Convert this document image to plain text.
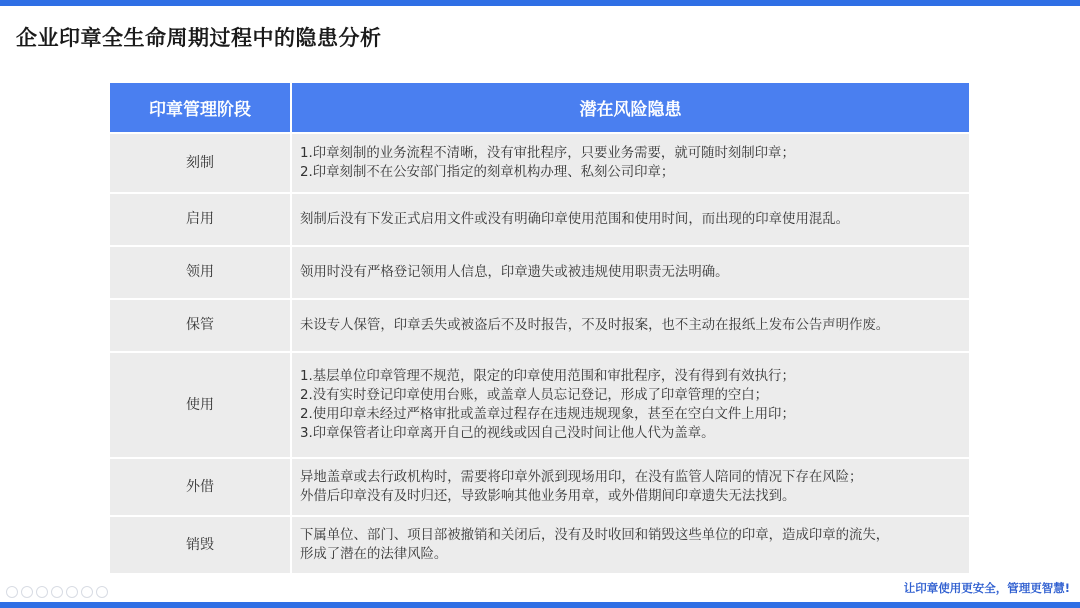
企业印章全生命周期过程中的隐患分析
印章管理阶段	潜在风险隐患
刻制	1.印章刻制的业务流程不清晰，没有审批程序，只要业务需要，就可随时刻制印章；
2.印章刻制不在公安部门指定的刻章机构办理、私刻公司印章；

启用	刻制后没有下发正式启用文件或没有明确印章使用范围和使用时间，而出现的印章使用混乱。

领用	领用时没有严格登记领用人信息，印章遗失或被违规使用职责无法明确。

保管	未设专人保管，印章丢失或被盗后不及时报告，不及时报案，也不主动在报纸上发布公告声明作废。

使用	1.基层单位印章管理不规范，限定的印章使用范围和审批程序，没有得到有效执行；
2.没有实时登记印章使用台账，或盖章人员忘记登记，形成了印章管理的空白；
2.使用印章未经过严格审批或盖章过程存在违规违规现象，甚至在空白文件上用印；
3.印章保管者让印章离开自己的视线或因自己没时间让他人代为盖章。

外借	异地盖章或去行政机构时，需要将印章外派到现场用印，在没有监管人陪同的情况下存在风险；
外借后印章没有及时归还，导致影响其他业务用章，或外借期间印章遗失无法找到。

销毁	下属单位、部门、项目部被撤销和关闭后，没有及时收回和销毁这些单位的印章，造成印章的流失，
形成了潜在的法律风险。
让印章使用更安全，管理更智慧!
